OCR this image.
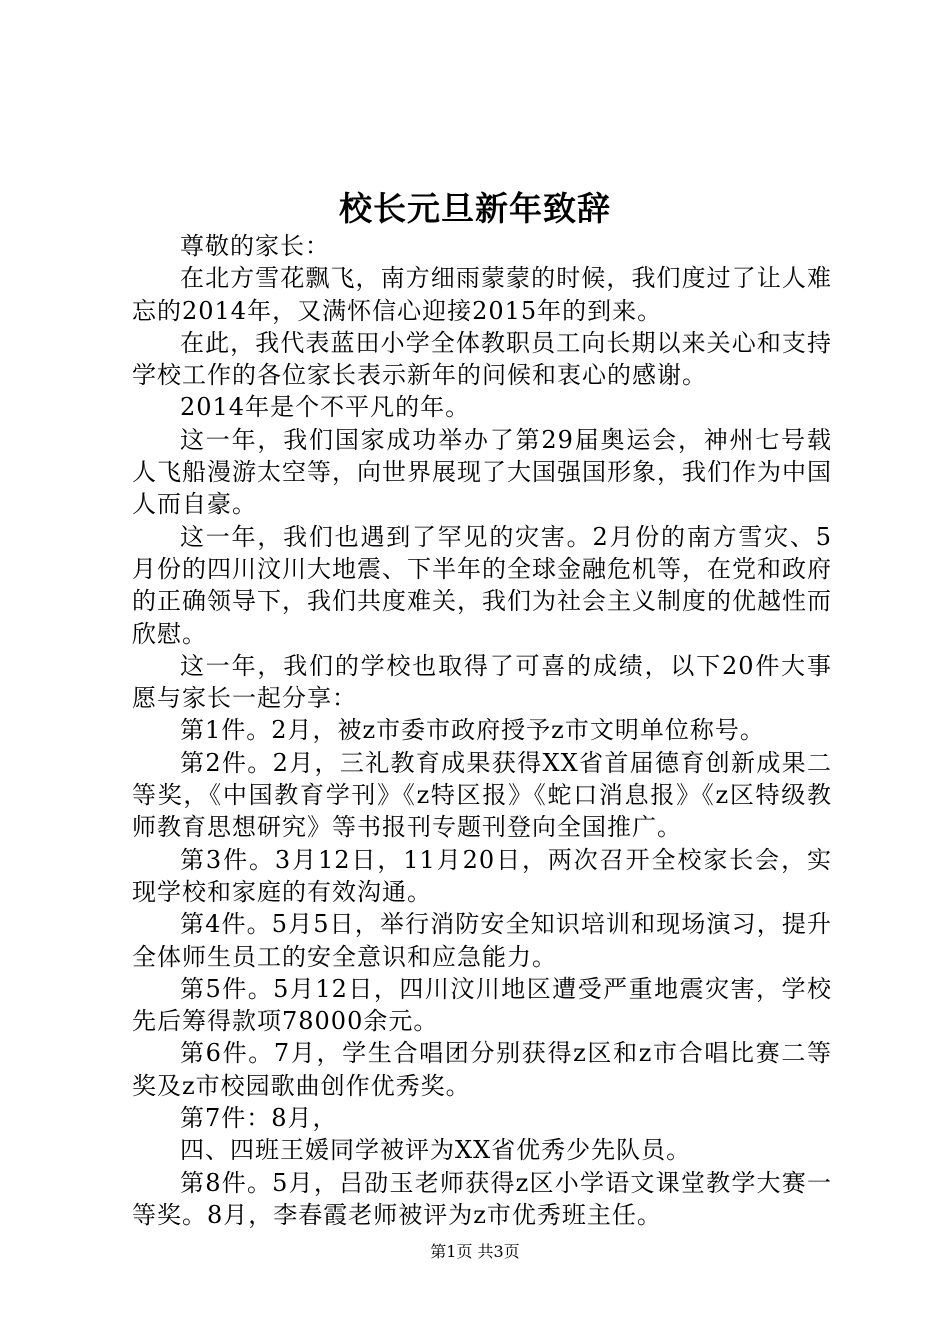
校长元旦新年致辞

尊敬的家长：

在北方雪花飘飞，南方细雨蒙蒙的时候，我们度过了让人难忘的2014年，又满怀信心迎接2015年的到来。

在此，我代表蓝田小学全体教职员工向长期以来关心和支持学校工作的各位家长表示新年的问候和衷心的感谢。

2014年是个不平凡的年。

这一年，我们国家成功举办了第29届奥运会，神州七号载人飞船漫游太空等，向世界展现了大国强国形象，我们作为中国人而自豪。

这一年，我们也遇到了罕见的灾害。2月份的南方雪灾、5月份的四川汶川大地震、下半年的全球金融危机等，在党和政府的正确领导下，我们共度难关，我们为社会主义制度的优越性而欣慰。

这一年，我们的学校也取得了可喜的成绩，以下20件大事愿与家长一起分享：

第1件。2月，被z市委市政府授予z市文明单位称号。

第2件。2月，三礼教育成果获得XX省首届德育创新成果二等奖，《中国教育学刊》《z特区报》《蛇口消息报》《z区特级教师教育思想研究》等书报刊专题刊登向全国推广。

第3件。3月12日，11月20日，两次召开全校家长会，实现学校和家庭的有效沟通。

第4件。5月5日，举行消防安全知识培训和现场演习，提升全体师生员工的安全意识和应急能力。

第5件。5月12日，四川汶川地区遭受严重地震灾害，学校先后筹得款项78000余元。

第6件。7月，学生合唱团分别获得z区和z市合唱比赛二等奖及z市校园歌曲创作优秀奖。

第7件：8月，

四、四班王媛同学被评为XX省优秀少先队员。

第8件。5月，吕劭玉老师获得z区小学语文课堂教学大赛一等奖。8月，李春霞老师被评为z市优秀班主任。

第1页 共3页
